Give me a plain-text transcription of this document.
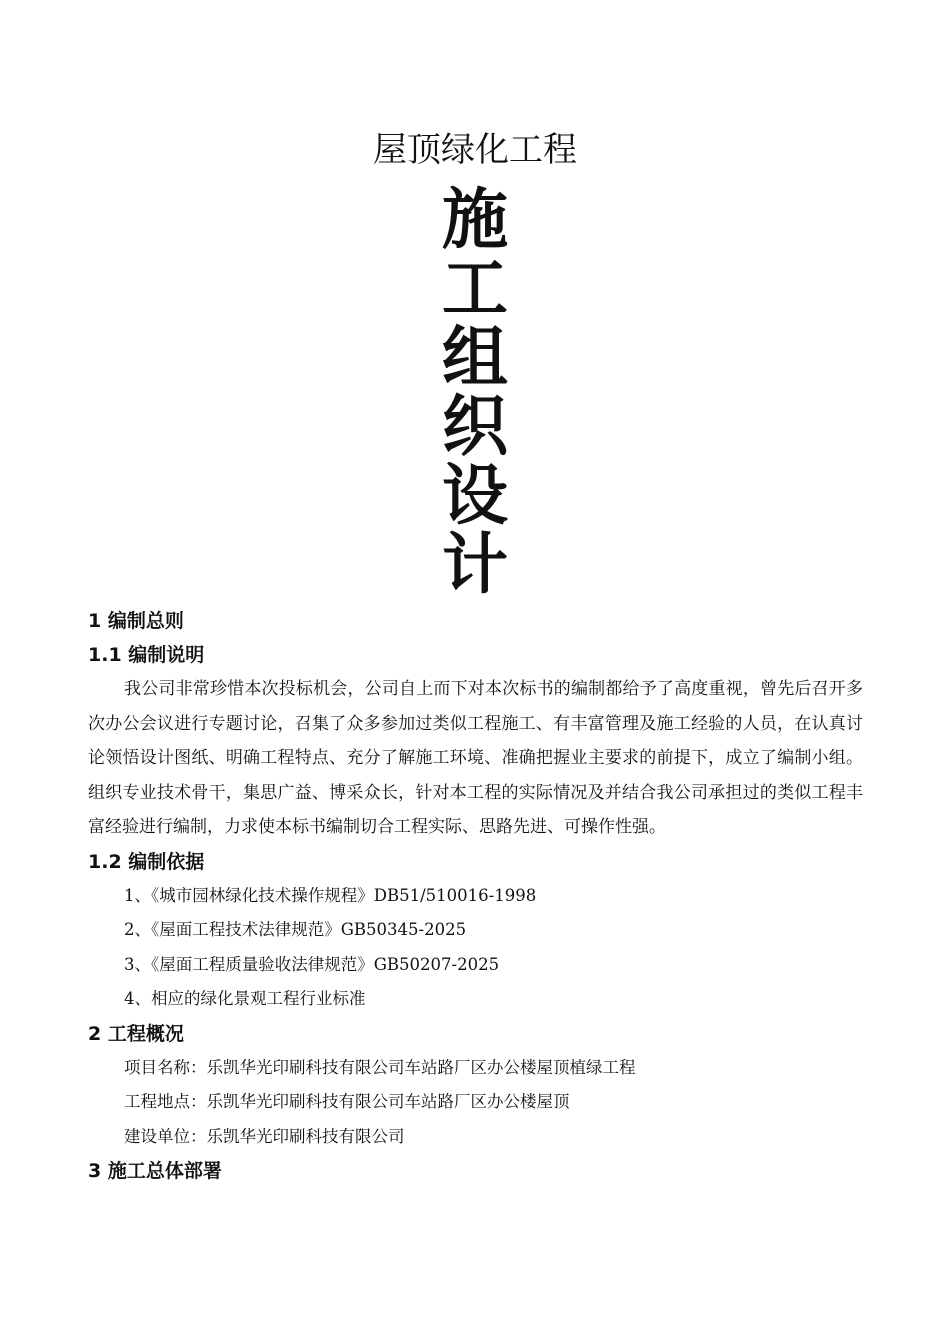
屋顶绿化工程
施
工
组
织
设
计
1 编制总则
1.1 编制说明

我公司非常珍惜本次投标机会，公司自上而下对本次标书的编制都给予了高度重视，曾先后召开多次办公会议进行专题讨论，召集了众多参加过类似工程施工、有丰富管理及施工经验的人员，在认真讨论领悟设计图纸、明确工程特点、充分了解施工环境、准确把握业主要求的前提下，成立了编制小组。组织专业技术骨干，集思广益、博采众长，针对本工程的实际情况及并结合我公司承担过的类似工程丰富经验进行编制，力求使本标书编制切合工程实际、思路先进、可操作性强。

1.2 编制依据
1、《城市园林绿化技术操作规程》DB51/510016-1998
2、《屋面工程技术法律规范》GB50345-2025
3、《屋面工程质量验收法律规范》GB50207-2025
4、相应的绿化景观工程行业标准
2 工程概况
项目名称：乐凯华光印刷科技有限公司车站路厂区办公楼屋顶植绿工程
工程地点：乐凯华光印刷科技有限公司车站路厂区办公楼屋顶
建设单位：乐凯华光印刷科技有限公司
3 施工总体部署
